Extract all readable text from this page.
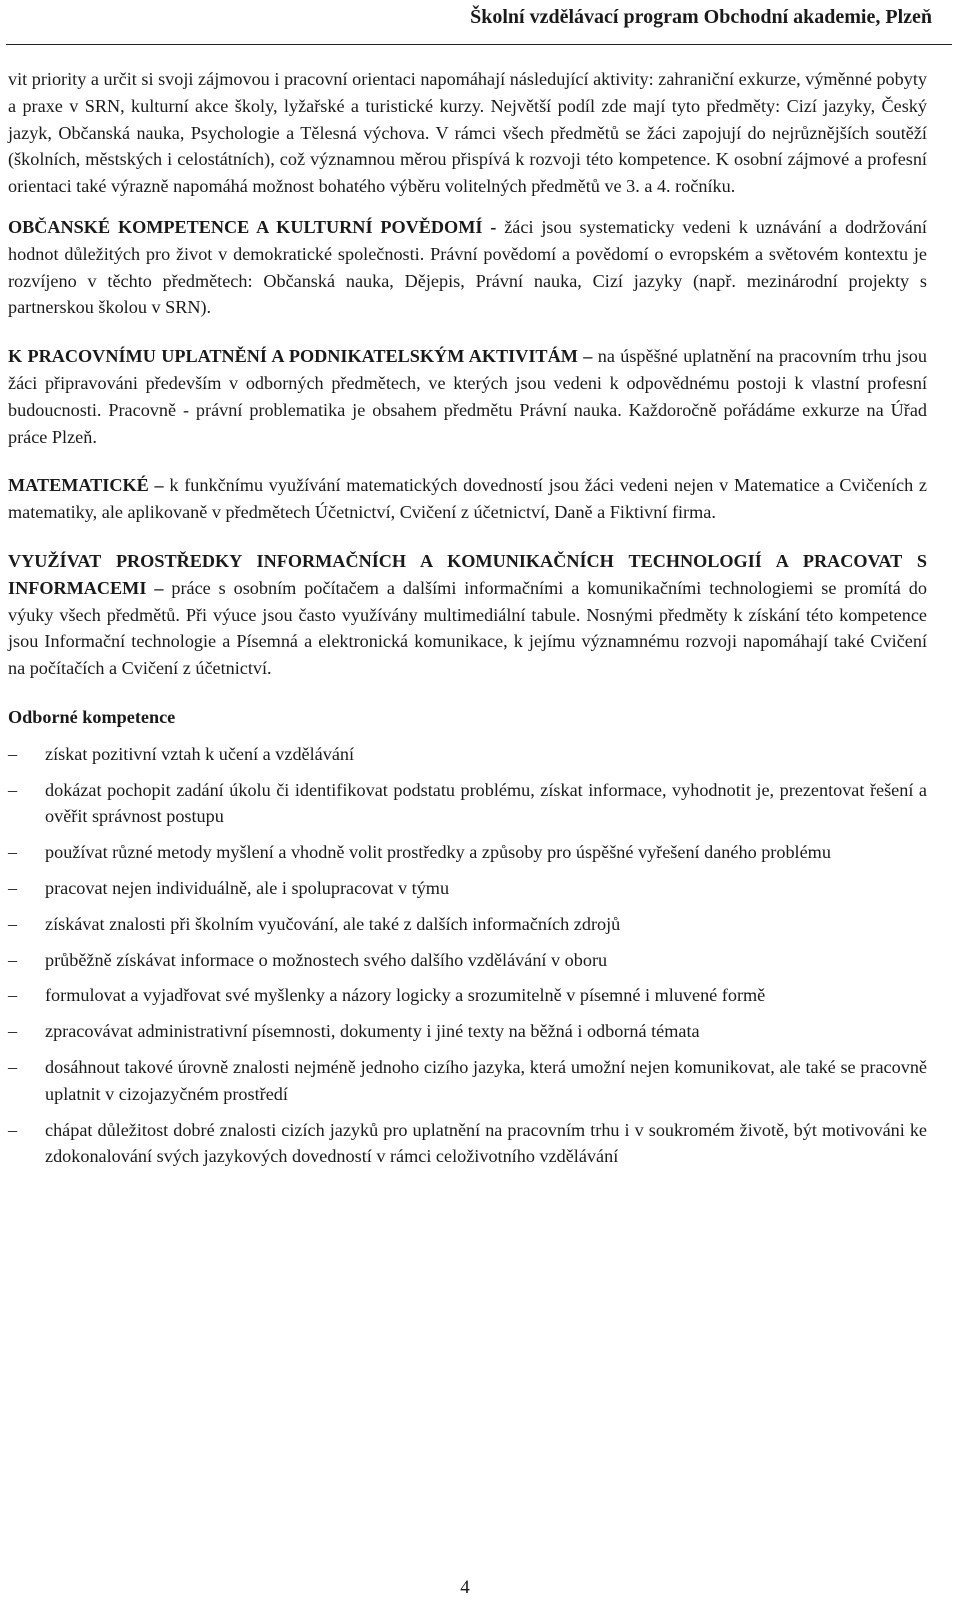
Školní vzdělávací program Obchodní akademie, Plzeň

vit priority a určit si svoji zájmovou i pracovní orientaci napomáhají následující aktivity: zahraniční exkurze, výměnné pobyty a praxe v SRN, kulturní akce školy, lyžařské a turistické kurzy. Největší podíl zde mají tyto předměty: Cizí jazyky, Český jazyk, Občanská nauka, Psychologie a Tělesná výchova. V rámci všech předmětů se žáci zapojují do nejrůznějších soutěží (školních, městských i celostátních), což významnou měrou přispívá k rozvoji této kompetence. K osobní zájmové a profesní orientaci také výrazně napomáhá možnost bohatého výběru volitelných předmětů ve 3. a 4. ročníku.

OBČANSKÉ KOMPETENCE A KULTURNÍ POVĚDOMÍ - žáci jsou systematicky vedeni k uznávání a dodržování hodnot důležitých pro život v demokratické společnosti. Právní povědomí a povědomí o evropském a světovém kontextu je rozvíjeno v těchto předmětech: Občanská nauka, Dějepis, Právní nauka, Cizí jazyky (např. mezinárodní projekty s partnerskou školou v SRN).

K PRACOVNÍMU UPLATNĚNÍ A PODNIKATELSKÝM AKTIVITÁM – na úspěšné uplatnění na pracovním trhu jsou žáci připravováni především v odborných předmětech, ve kterých jsou vedeni k odpovědnému postoji k vlastní profesní budoucnosti. Pracovně - právní problematika je obsahem předmětu Právní nauka. Každoročně pořádáme exkurze na Úřad práce Plzeň.

MATEMATICKÉ – k funkčnímu využívání matematických dovedností jsou žáci vedeni nejen v Matematice a Cvičeních z matematiky, ale aplikovaně v předmětech Účetnictví, Cvičení z účetnictví, Daně a Fiktivní firma.

VYUŽÍVAT PROSTŘEDKY INFORMAČNÍCH A KOMUNIKAČNÍCH TECHNOLOGIÍ A PRACOVAT S INFORMACEMI – práce s osobním počítačem a dalšími informačními a komunikačními technologiemi se promítá do výuky všech předmětů. Při výuce jsou často využívány multimediální tabule. Nosnými předměty k získání této kompetence jsou Informační technologie a Písemná a elektronická komunikace, k jejímu významnému rozvoji napomáhají také Cvičení na počítačích a Cvičení z účetnictví.

Odborné kompetence
– získat pozitivní vztah k učení a vzdělávání
– dokázat pochopit zadání úkolu či identifikovat podstatu problému, získat informace, vyhodnotit je, prezentovat řešení a ověřit správnost postupu
– používat různé metody myšlení a vhodně volit prostředky a způsoby pro úspěšné vyřešení daného problému
– pracovat nejen individuálně, ale i spolupracovat v týmu
– získávat znalosti při školním vyučování, ale také z dalších informačních zdrojů
– průběžně získávat informace o možnostech svého dalšího vzdělávání v oboru
– formulovat a vyjadřovat své myšlenky a názory logicky a srozumitelně v písemné i mluvené formě
– zpracovávat administrativní písemnosti, dokumenty i jiné texty na běžná i odborná témata
– dosáhnout takové úrovně znalosti nejméně jednoho cizího jazyka, která umožní nejen komunikovat, ale také se pracovně uplatnit v cizojazyčném prostředí
– chápat důležitost dobré znalosti cizích jazyků pro uplatnění na pracovním trhu i v soukromém životě, být motivováni ke zdokonalování svých jazykových dovedností v rámci celoživotního vzdělávání
4
